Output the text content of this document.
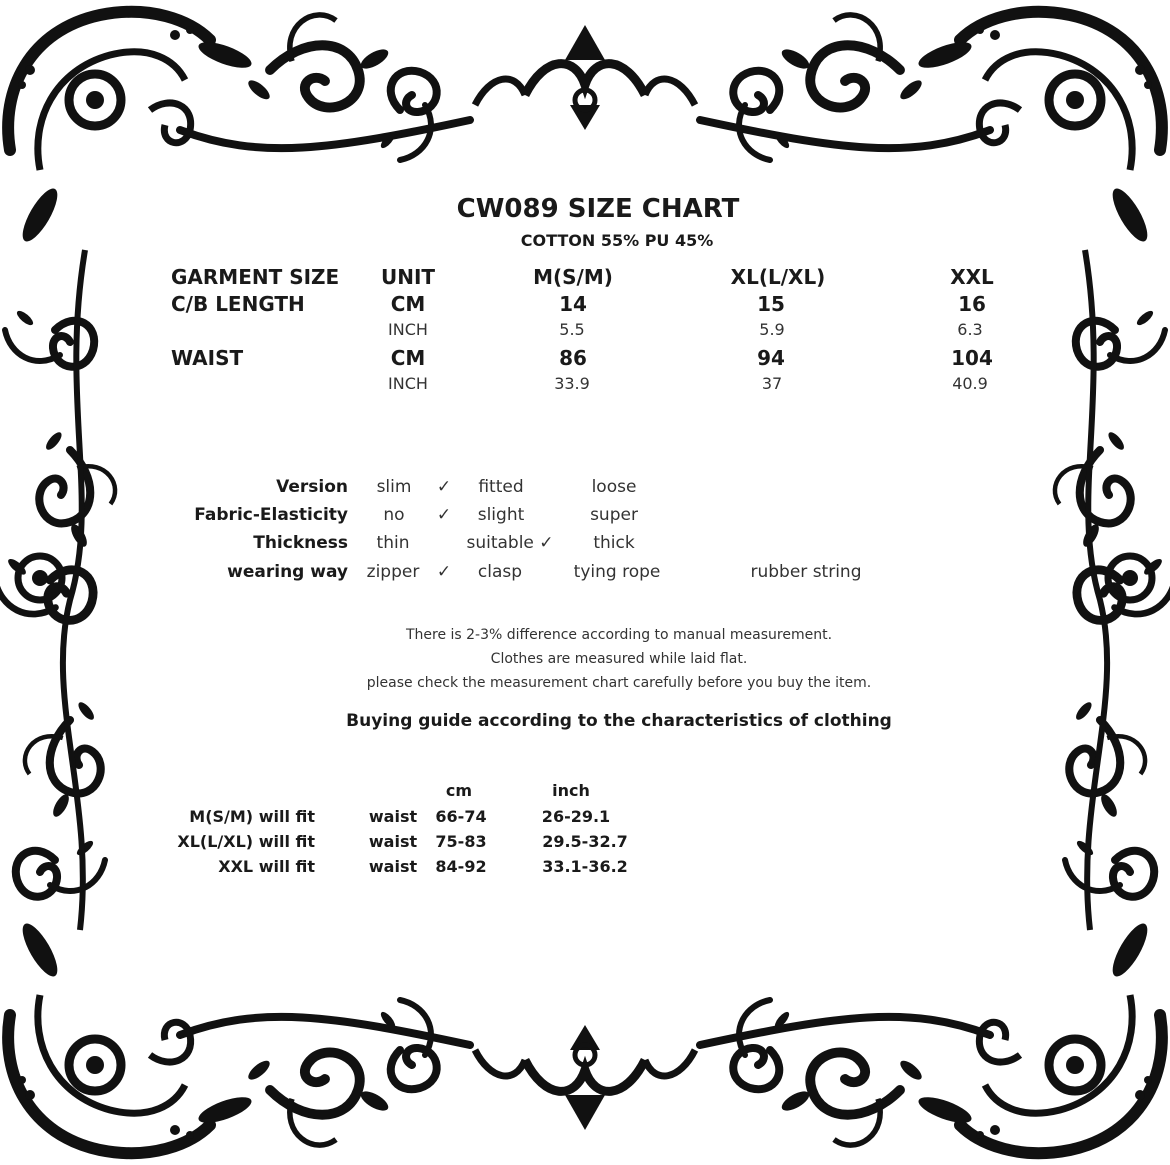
CW089 SIZE CHART
COTTON 55% PU 45%
GARMENT SIZE UNIT	M(S/M)	XL(L/XL)	XXL
C/B LENGTH	CM	14	15	16
INCH	5.5	5.9	6.3
WAIST	CM	86	94	104
INCH	33.9	37	40.9
Version slim ✓ fitted	loose
Fabric-Elasticity no ✓ slight	super
Thickness thin	suitable ✓ thick
wearing way zipper ✓ clasp	tying rope	rubber string
There is 2-3% difference according to manual measurement.
Clothes are measured while laid flat.
please check the measurement chart carefully before you buy the item.
Buying guide according to the characteristics of clothing
cm	inch
M(S/M) will fit	waist 66-74	26-29.1
XL(L/XL) will fit	waist 75-83	29.5-32.7
XXL will fit	waist 84-92	33.1-36.2
